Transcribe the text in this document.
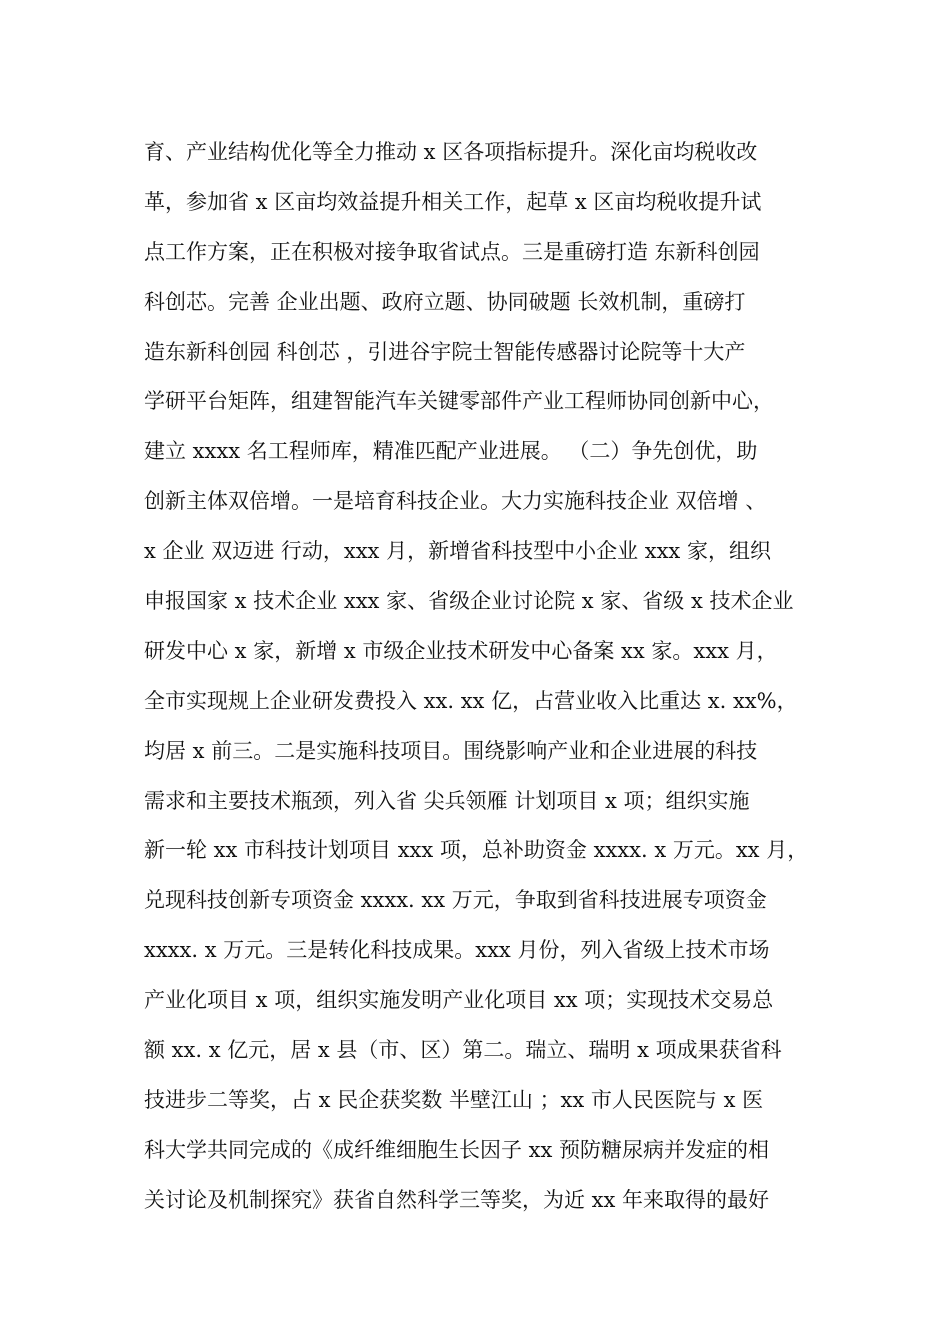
育、产业结构优化等全力推动 x 区各项指标提升。深化亩均税收改
革，参加省 x 区亩均效益提升相关工作，起草 x 区亩均税收提升试
点工作方案，正在积极对接争取省试点。三是重磅打造 东新科创园
科创芯。完善 企业出题、政府立题、协同破题 长效机制，重磅打
造东新科创园 科创芯 ，引进谷宇院士智能传感器讨论院等十大产
学研平台矩阵，组建智能汽车关键零部件产业工程师协同创新中心，
建立 xxxx 名工程师库，精准匹配产业进展。 （二）争先创优，助
创新主体双倍增。一是培育科技企业。大力实施科技企业 双倍增 、
x 企业 双迈进 行动，xxx 月，新增省科技型中小企业 xxx 家，组织
申报国家 x 技术企业 xxx 家、省级企业讨论院 x 家、省级 x 技术企业
研发中心 x 家，新增 x 市级企业技术研发中心备案 xx 家。xxx 月，
全市实现规上企业研发费投入 xx. xx 亿，占营业收入比重达 x. xx%，
均居 x 前三。二是实施科技项目。围绕影响产业和企业进展的科技
需求和主要技术瓶颈，列入省 尖兵领雁 计划项目 x 项；组织实施
新一轮 xx 市科技计划项目 xxx 项，总补助资金 xxxx. x 万元。xx 月，
兑现科技创新专项资金 xxxx. xx 万元，争取到省科技进展专项资金
xxxx. x 万元。三是转化科技成果。xxx 月份，列入省级上技术市场
产业化项目 x 项，组织实施发明产业化项目 xx 项；实现技术交易总
额 xx. x 亿元，居 x 县（市、区）第二。瑞立、瑞明 x 项成果获省科
技进步二等奖，占 x 民企获奖数 半壁江山 ；xx 市人民医院与 x 医
科大学共同完成的《成纤维细胞生长因子 xx 预防糖尿病并发症的相
关讨论及机制探究》获省自然科学三等奖，为近 xx 年来取得的最好
